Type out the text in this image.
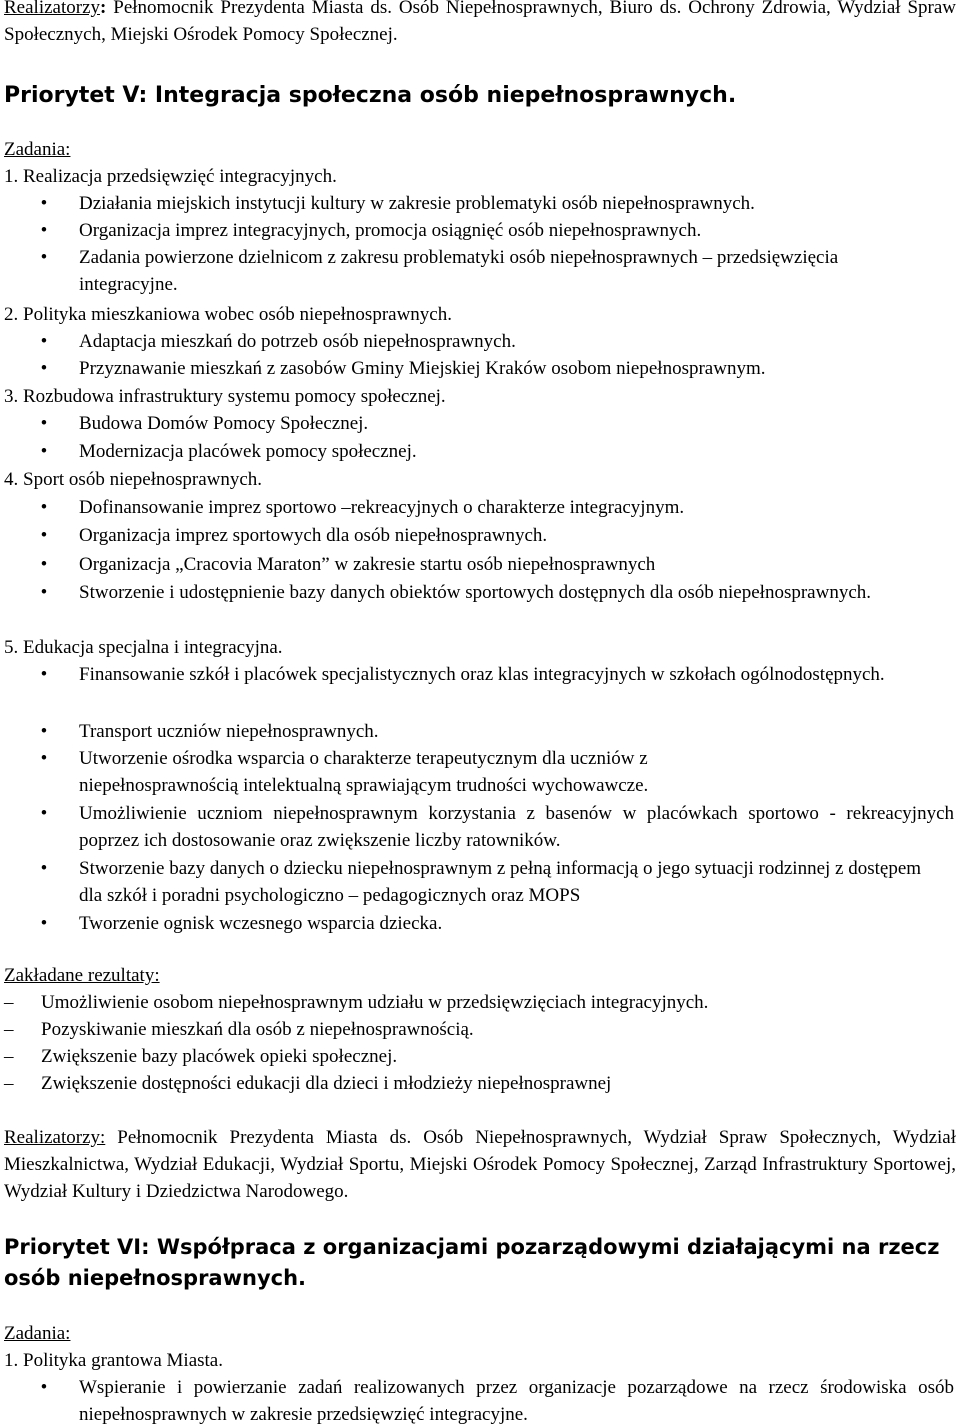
Realizatorzy: Pełnomocnik Prezydenta Miasta ds. Osób Niepełnosprawnych, Biuro ds. Ochrony Zdrowia, Wydział Spraw Społecznych, Miejski Ośrodek Pomocy Społecznej.

Priorytet V: Integracja społeczna osób niepełnosprawnych.

Zadania:

1. Realizacja przedsięwzięć integracyjnych.

• Działania miejskich instytucji kultury w zakresie problematyki osób niepełnosprawnych.

• Organizacja imprez integracyjnych, promocja osiągnięć osób niepełnosprawnych.

• Zadania powierzone dzielnicom z zakresu problematyki osób niepełnosprawnych – przedsięwzięcia integracyjne.

2. Polityka mieszkaniowa wobec osób niepełnosprawnych.

• Adaptacja mieszkań do potrzeb osób niepełnosprawnych.

• Przyznawanie mieszkań z zasobów Gminy Miejskiej Kraków osobom niepełnosprawnym.

3. Rozbudowa infrastruktury systemu pomocy społecznej.

• Budowa Domów Pomocy Społecznej.

• Modernizacja placówek pomocy społecznej.

4. Sport osób niepełnosprawnych.

• Dofinansowanie imprez sportowo –rekreacyjnych o charakterze integracyjnym.

• Organizacja imprez sportowych dla osób niepełnosprawnych.

• Organizacja „Cracovia Maraton” w zakresie startu osób niepełnosprawnych

• Stworzenie i udostępnienie bazy danych obiektów sportowych dostępnych dla osób niepełnosprawnych.

5. Edukacja specjalna i integracyjna.

• Finansowanie szkół i placówek specjalistycznych oraz klas integracyjnych w szkołach ogólnodostępnych.

• Transport uczniów niepełnosprawnych.

• Utworzenie ośrodka wsparcia o charakterze terapeutycznym dla uczniów z niepełnosprawnością intelektualną sprawiającym trudności wychowawcze.

• Umożliwienie uczniom niepełnosprawnym korzystania z basenów w placówkach sportowo - rekreacyjnych poprzez ich dostosowanie oraz zwiększenie liczby ratowników.

• Stworzenie bazy danych o dziecku niepełnosprawnym z pełną informacją o jego sytuacji rodzinnej z dostępem dla szkół i poradni psychologiczno – pedagogicznych oraz MOPS

• Tworzenie ognisk wczesnego wsparcia dziecka.

Zakładane rezultaty:

–	Umożliwienie osobom niepełnosprawnym udziału w przedsięwzięciach integracyjnych.

–	Pozyskiwanie mieszkań dla osób z niepełnosprawnością.

–	Zwiększenie bazy placówek opieki społecznej.

–	Zwiększenie dostępności edukacji dla dzieci i młodzieży niepełnosprawnej

Realizatorzy: Pełnomocnik Prezydenta Miasta ds. Osób Niepełnosprawnych, Wydział Spraw Społecznych, Wydział Mieszkalnictwa, Wydział Edukacji, Wydział Sportu, Miejski Ośrodek Pomocy Społecznej, Zarząd Infrastruktury Sportowej, Wydział Kultury i Dziedzictwa Narodowego.

Priorytet VI: Współpraca z organizacjami pozarządowymi działającymi na rzecz osób niepełnosprawnych.

Zadania:

1. Polityka grantowa Miasta.

• Wspieranie i powierzanie zadań realizowanych przez organizacje pozarządowe na rzecz środowiska osób niepełnosprawnych w zakresie przedsięwzięć integracyjne.
